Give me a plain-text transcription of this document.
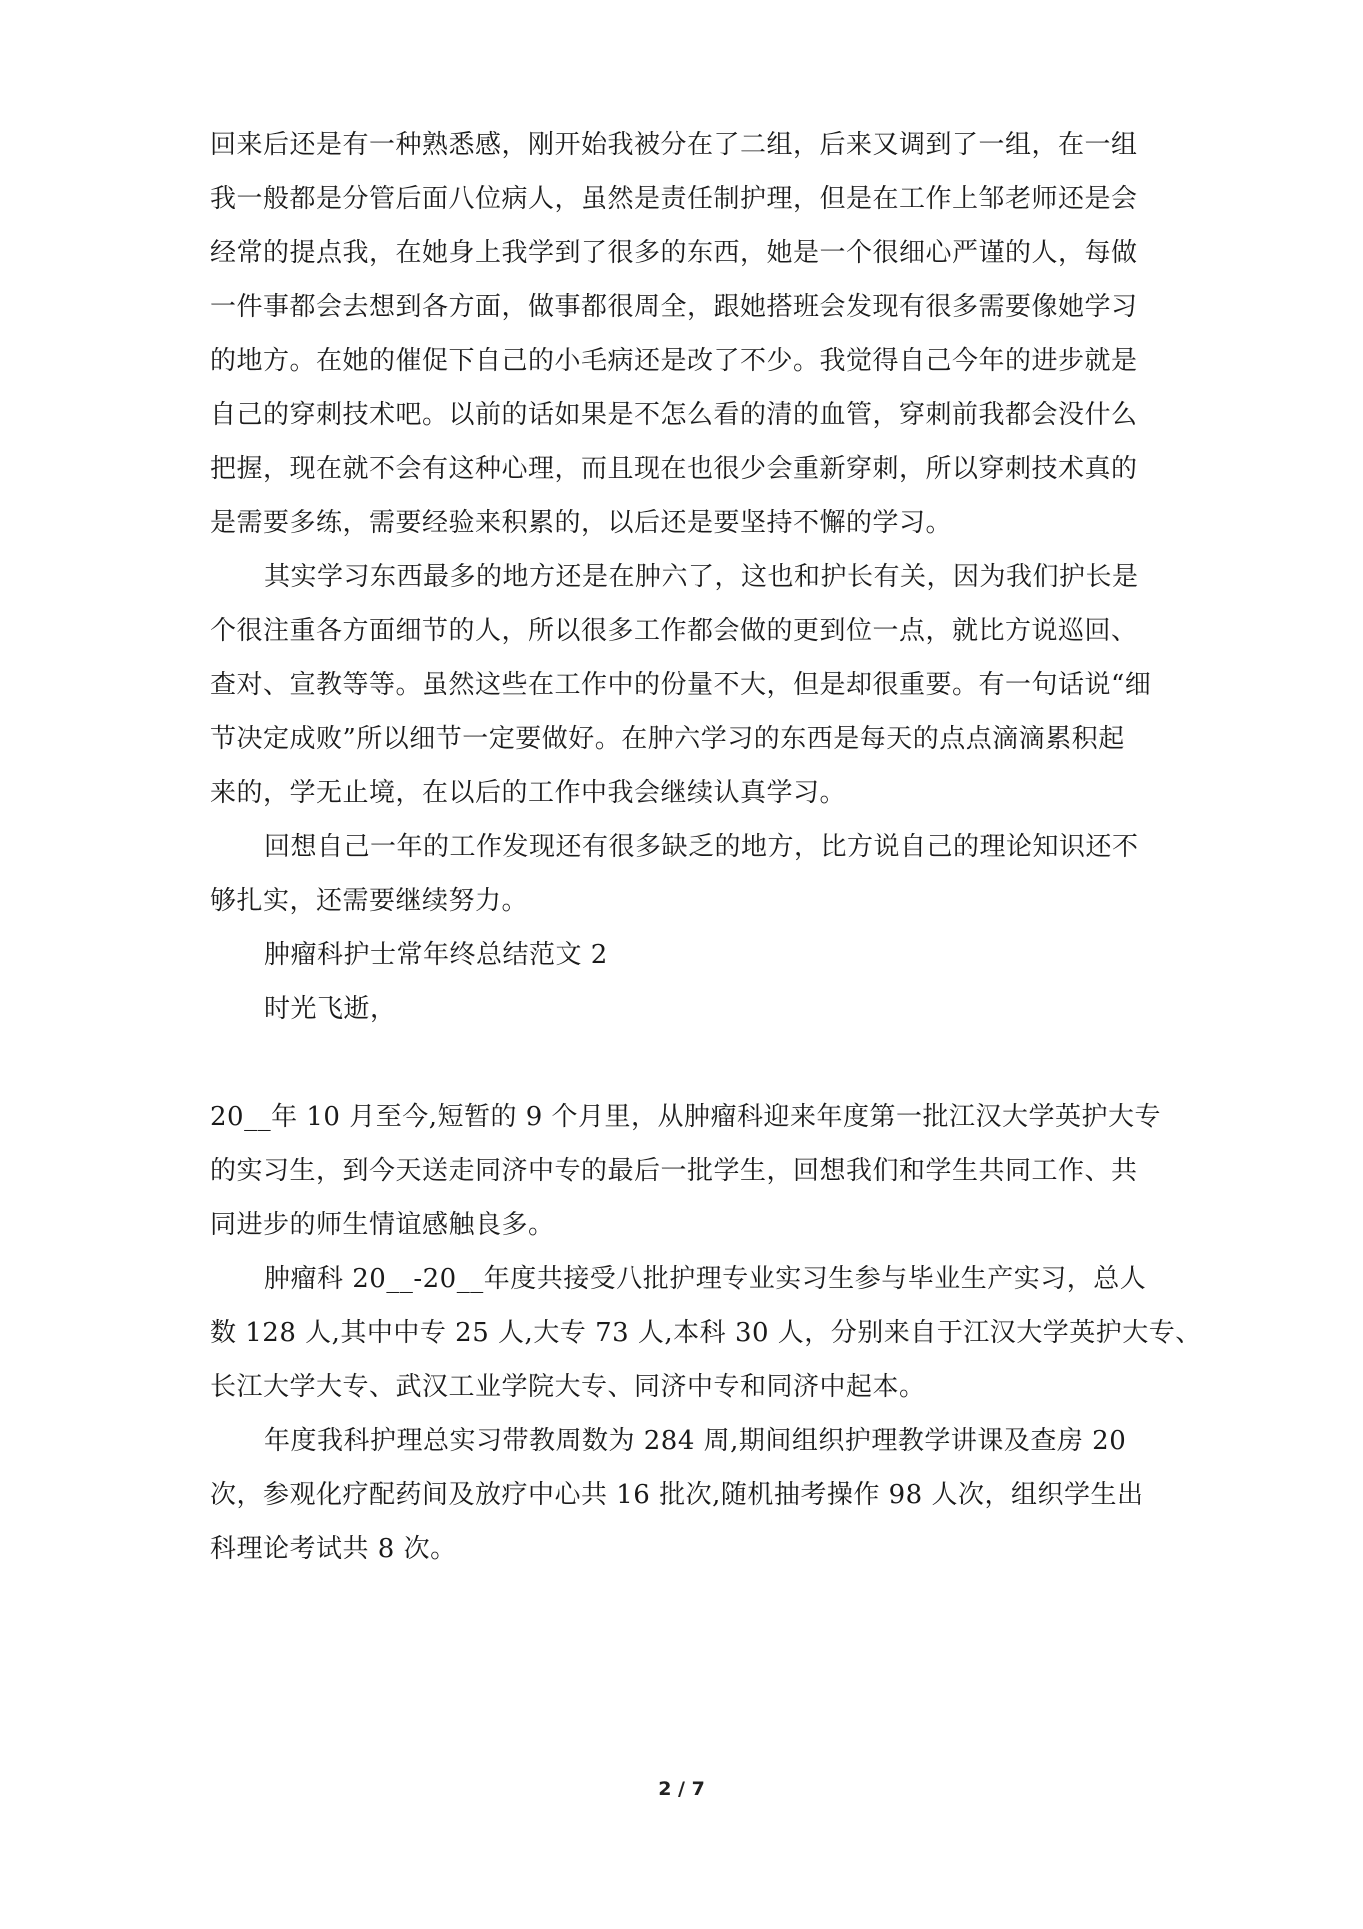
回来后还是有一种熟悉感，刚开始我被分在了二组，后来又调到了一组，在一组
我一般都是分管后面八位病人，虽然是责任制护理，但是在工作上邹老师还是会
经常的提点我，在她身上我学到了很多的东西，她是一个很细心严谨的人，每做
一件事都会去想到各方面，做事都很周全，跟她搭班会发现有很多需要像她学习
的地方。在她的催促下自己的小毛病还是改了不少。我觉得自己今年的进步就是
自己的穿刺技术吧。以前的话如果是不怎么看的清的血管，穿刺前我都会没什么
把握，现在就不会有这种心理，而且现在也很少会重新穿刺，所以穿刺技术真的
是需要多练，需要经验来积累的，以后还是要坚持不懈的学习。
其实学习东西最多的地方还是在肿六了，这也和护长有关，因为我们护长是
个很注重各方面细节的人，所以很多工作都会做的更到位一点，就比方说巡回、
查对、宣教等等。虽然这些在工作中的份量不大，但是却很重要。有一句话说“细
节决定成败”所以细节一定要做好。在肿六学习的东西是每天的点点滴滴累积起
来的，学无止境，在以后的工作中我会继续认真学习。
回想自己一年的工作发现还有很多缺乏的地方，比方说自己的理论知识还不
够扎实，还需要继续努力。
肿瘤科护士常年终总结范文 2
时光飞逝，
20__年 10 月至今,短暂的 9 个月里，从肿瘤科迎来年度第一批江汉大学英护大专
的实习生，到今天送走同济中专的最后一批学生，回想我们和学生共同工作、共
同进步的师生情谊感触良多。
肿瘤科 20__-20__年度共接受八批护理专业实习生参与毕业生产实习，总人
数 128 人,其中中专 25 人,大专 73 人,本科 30 人，分别来自于江汉大学英护大专、
长江大学大专、武汉工业学院大专、同济中专和同济中起本。
年度我科护理总实习带教周数为 284 周,期间组织护理教学讲课及查房 20
次，参观化疗配药间及放疗中心共 16 批次,随机抽考操作 98 人次，组织学生出
科理论考试共 8 次。
2 / 7
